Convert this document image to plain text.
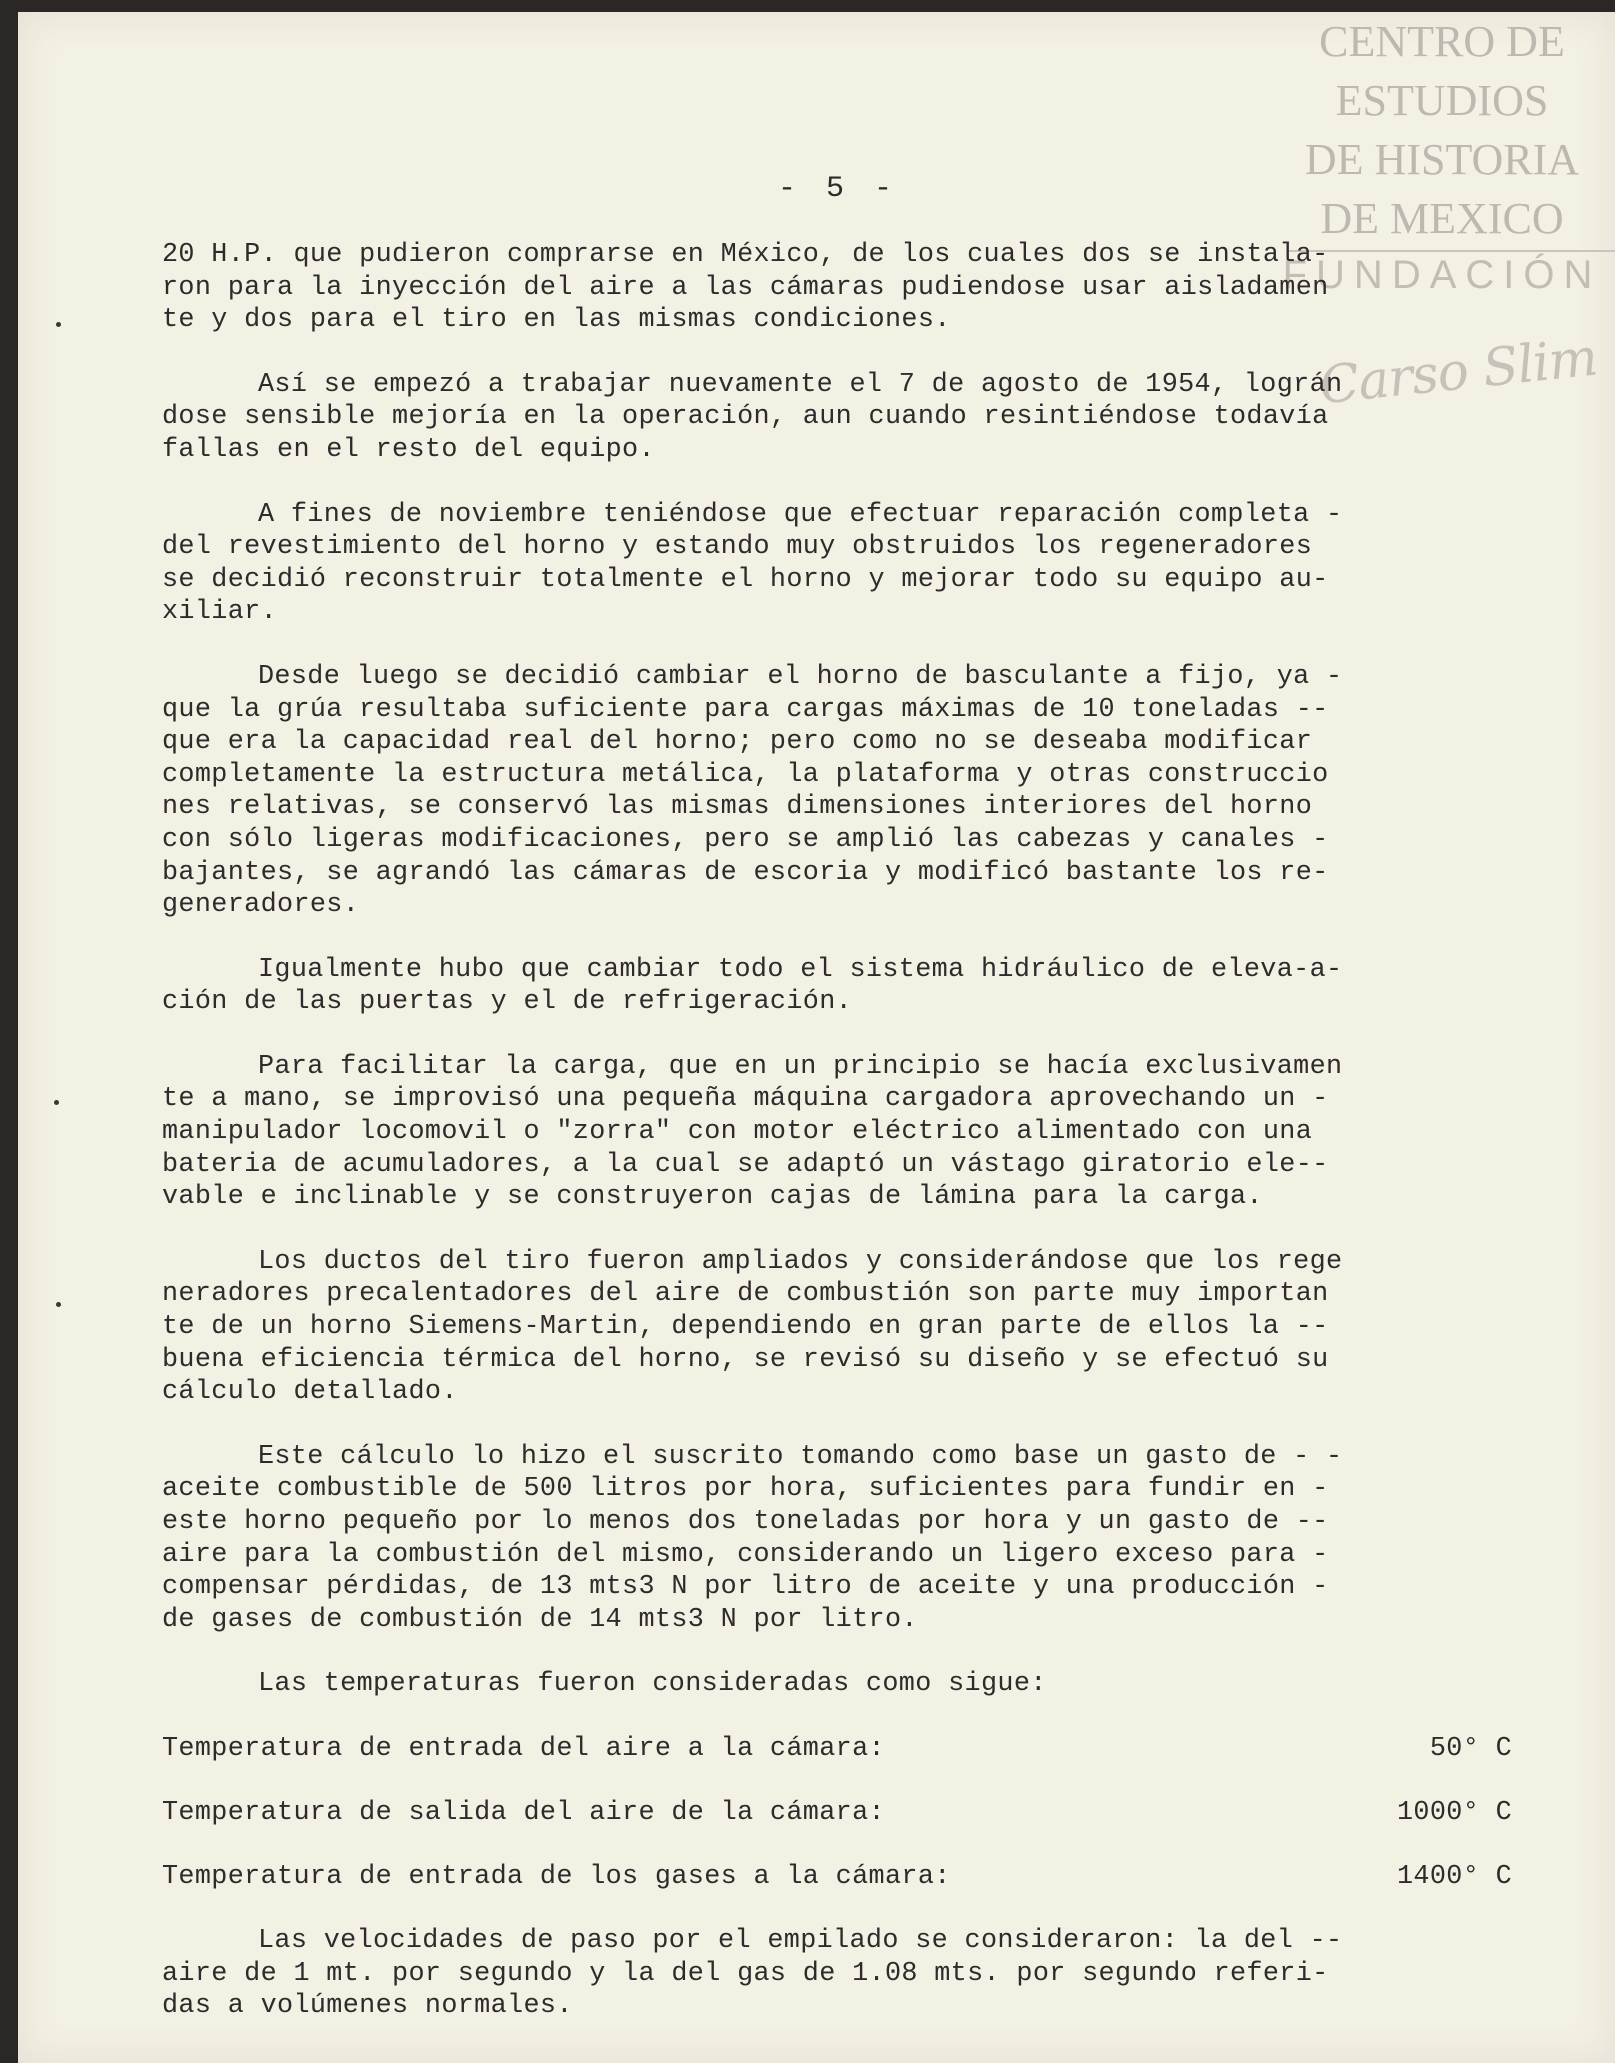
CENTRO DE
ESTUDIOS
DE HISTORIA
DE MEXICO
FUNDACIÓN
Carso Slim
- 5 -

20 H.P. que pudieron comprarse en México, de los cuales dos se instala-
ron para la inyección del aire a las cámaras pudiendose usar aisladamen
te y dos para el tiro en las mismas condiciones.

Así se empezó a trabajar nuevamente el 7 de agosto de 1954, lográn
dose sensible mejoría en la operación, aun cuando resintiéndose todavía
fallas en el resto del equipo.

A fines de noviembre teniéndose que efectuar reparación completa -
del revestimiento del horno y estando muy obstruidos los regeneradores
se decidió reconstruir totalmente el horno y mejorar todo su equipo au-
xiliar.

Desde luego se decidió cambiar el horno de basculante a fijo, ya -
que la grúa resultaba suficiente para cargas máximas de 10 toneladas --
que era la capacidad real del horno; pero como no se deseaba modificar
completamente la estructura metálica, la plataforma y otras construccio
nes relativas, se conservó las mismas dimensiones interiores del horno
con sólo ligeras modificaciones, pero se amplió las cabezas y canales -
bajantes, se agrandó las cámaras de escoria y modificó bastante los re-
generadores.

Igualmente hubo que cambiar todo el sistema hidráulico de eleva-a-
ción de las puertas y el de refrigeración.

Para facilitar la carga, que en un principio se hacía exclusivamen
te a mano, se improvisó una pequeña máquina cargadora aprovechando un -
manipulador locomovil o "zorra" con motor eléctrico alimentado con una
bateria de acumuladores, a la cual se adaptó un vástago giratorio ele--
vable e inclinable y se construyeron cajas de lámina para la carga.

Los ductos del tiro fueron ampliados y considerándose que los rege
neradores precalentadores del aire de combustión son parte muy importan
te de un horno Siemens-Martin, dependiendo en gran parte de ellos la --
buena eficiencia térmica del horno, se revisó su diseño y se efectuó su
cálculo detallado.

Este cálculo lo hizo el suscrito tomando como base un gasto de - -
aceite combustible de 500 litros por hora, suficientes para fundir en -
este horno pequeño por lo menos dos toneladas por hora y un gasto de --
aire para la combustión del mismo, considerando un ligero exceso para -
compensar pérdidas, de 13 mts3 N por litro de aceite y una producción -
de gases de combustión de 14 mts3 N por litro.

Las temperaturas fueron consideradas como sigue:

Temperatura de entrada del aire a la cámara:

	50° C

Temperatura de salida del aire de la cámara:

	1000° C

Temperatura de entrada de los gases a la cámara:

	1400° C

Las velocidades de paso por el empilado se consideraron: la del --
aire de 1 mt. por segundo y la del gas de 1.08 mts. por segundo referi-
das a volúmenes normales.
